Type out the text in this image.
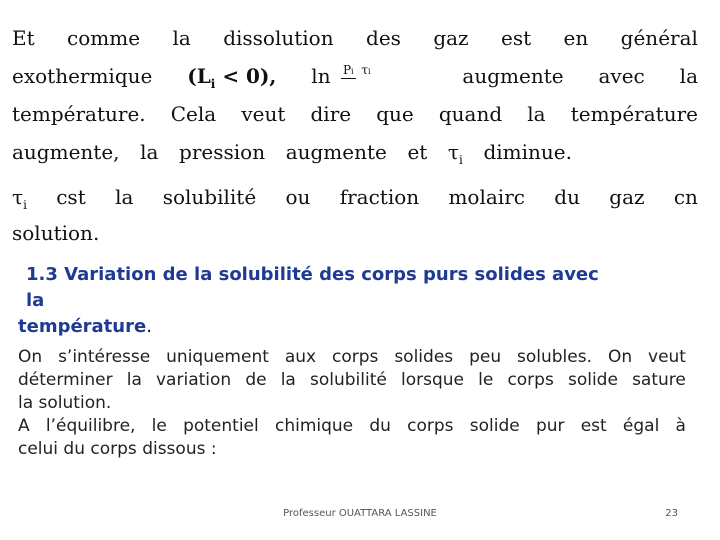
Et comme la dissolution des gaz est en général
exothermique (Li < 0), ln Pi τi	augmente avec la
température. Cela veut dire que quand la température
augmente, la pression augmente et τi diminue.
τi cst la solubilité ou fraction molairc du gaz cn
solution.
1.3 Variation de la solubilité des corps purs solides avec la
température.
On s’intéresse uniquement aux corps solides peu solubles. On veut
déterminer la variation de la solubilité lorsque le corps solide sature
la solution.
A l’équilibre, le potentiel chimique du corps solide pur est égal à
celui du corps dissous :
Professeur OUATTARA LASSINE	23
